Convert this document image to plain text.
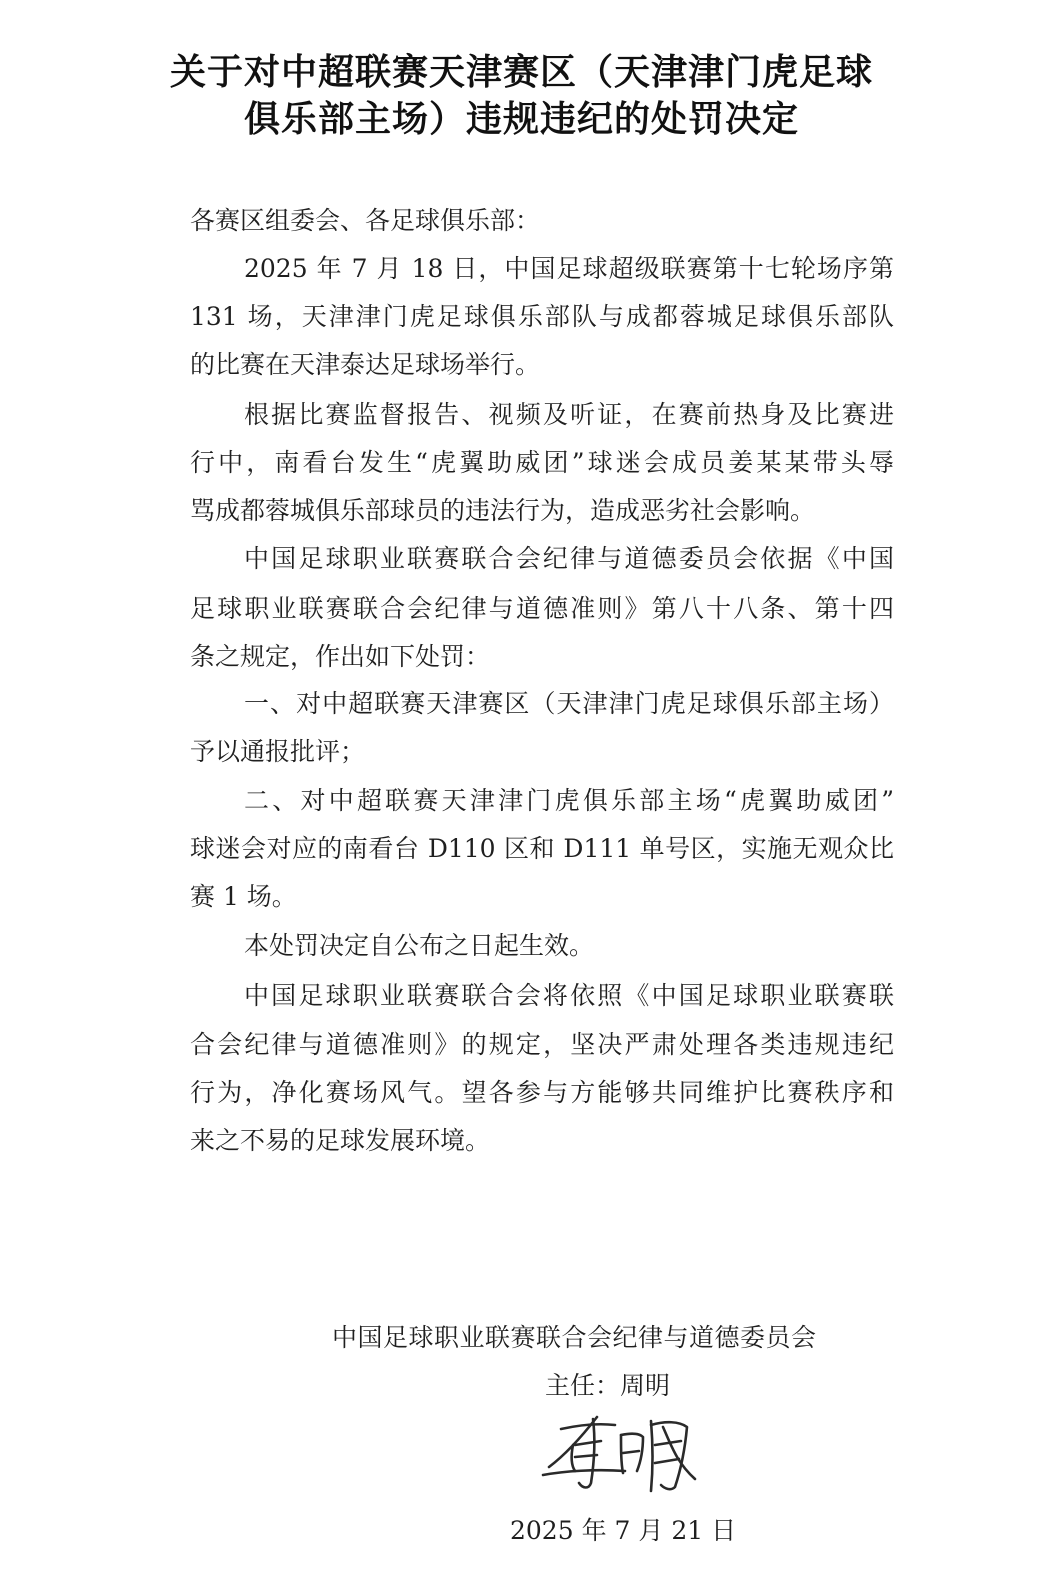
关于对中超联赛天津赛区（天津津门虎足球
俱乐部主场）违规违纪的处罚决定
各赛区组委会、各足球俱乐部：
2025 年 7 月 18 日，中国足球超级联赛第十七轮场序第
131 场，天津津门虎足球俱乐部队与成都蓉城足球俱乐部队
的比赛在天津泰达足球场举行。
根据比赛监督报告、视频及听证，在赛前热身及比赛进
行中，南看台发生“虎翼助威团”球迷会成员姜某某带头辱
骂成都蓉城俱乐部球员的违法行为，造成恶劣社会影响。
中国足球职业联赛联合会纪律与道德委员会依据《中国
足球职业联赛联合会纪律与道德准则》第八十八条、第十四
条之规定，作出如下处罚：
一、对中超联赛天津赛区（天津津门虎足球俱乐部主场）
予以通报批评；
二、对中超联赛天津津门虎俱乐部主场“虎翼助威团”
球迷会对应的南看台 D110 区和 D111 单号区，实施无观众比
赛 1 场。
本处罚决定自公布之日起生效。
中国足球职业联赛联合会将依照《中国足球职业联赛联
合会纪律与道德准则》的规定，坚决严肃处理各类违规违纪
行为，净化赛场风气。望各参与方能够共同维护比赛秩序和
来之不易的足球发展环境。
中国足球职业联赛联合会纪律与道德委员会
主任：周明
2025 年 7 月 21 日
